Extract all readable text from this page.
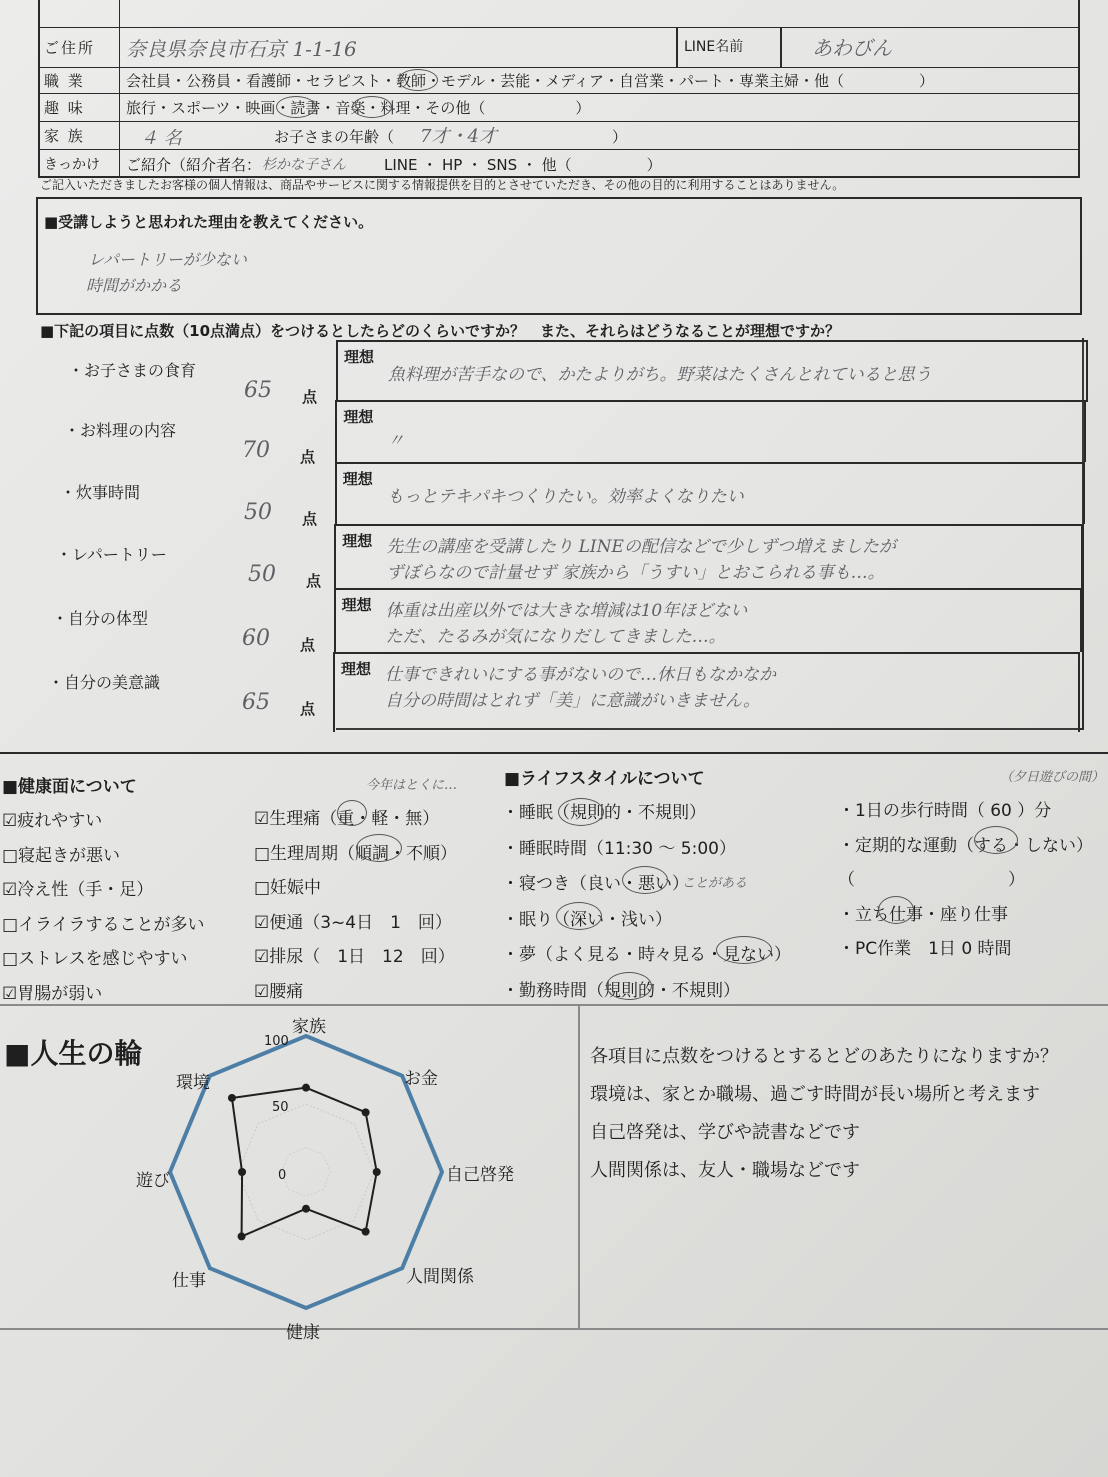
ご住所	奈良県奈良市石京 1-1-16	LINE名前	あわびん
職 業	会社員・公務員・看護師・セラピスト・教師・モデル・芸能・メディア・自営業・パート・専業主婦・他（　　　　　）
趣 味	旅行・スポーツ・映画・読書・音楽・料理・その他（　　　　　　）
家 族	４ 名	お子さまの年齢（ 7才・4才	）
きっかけ	ご紹介（紹介者名： 杉かな子さん	LINE ・ HP ・ SNS ・ 他（　　　　　）
ご記入いただきましたお客様の個人情報は、商品やサービスに関する情報提供を目的とさせていただき、その他の目的に利用することはありません。
■受講しようと思われた理由を教えてください。
レパートリーが少ない
時間がかかる
■下記の項目に点数（10点満点）をつけるとしたらどのくらいですか？　また、それらはどうなることが理想ですか？
・お子さまの食育
65 点
理想
魚料理が苦手なので、かたよりがち。野菜はたくさんとれていると思う
・お料理の内容
70 点
理想
〃
・炊事時間
50 点
理想
もっとテキパキつくりたい。効率よくなりたい
・レパートリー
50 点
理想 先生の講座を受講したり LINEの配信などで少しずつ増えましたが
ずぼらなので計量せず 家族から「うすい」とおこられる事も…。
・自分の体型
60 点
理想 体重は出産以外では大きな増減は10年ほどない
ただ、たるみが気になりだしてきました…。
・自分の美意識
65 点
理想 仕事できれいにする事がないので…休日もなかなか
自分の時間はとれず「美」に意識がいきません。
■健康面について	■ライフスタイルについて
今年はとくに…
（夕日遊びの間）
ことがある
☑疲れやすい
□寝起きが悪い
☑冷え性（手・足）
□イライラすることが多い
□ストレスを感じやすい
☑胃腸が弱い
☑生理痛（重・軽・無）
□生理周期（順調・不順）
□妊娠中
☑便通（3~4日　1　回）
☑排尿（　1日　12　回）
☑腰痛
・睡眠（規則的・不規則）
・睡眠時間（11:30 〜 5:00）
・寝つき（良い・悪い）
・眠り（深い・浅い）
・夢（よく見る・時々見る・見ない）
・勤務時間（規則的・不規則）
・1日の歩行時間（ 60 ）分
・定期的な運動（する・しない）
（　　　　　　　　　）
・立ち仕事・座り仕事
・PC作業　1日 0 時間
■人生の輪
家族
お金
自己啓発
人間関係
健康
仕事
遊び
環境
100
50
0
各項目に点数をつけるとするとどのあたりになりますか？
環境は、家とか職場、過ごす時間が長い場所と考えます
自己啓発は、学びや読書などです
人間関係は、友人・職場などです
